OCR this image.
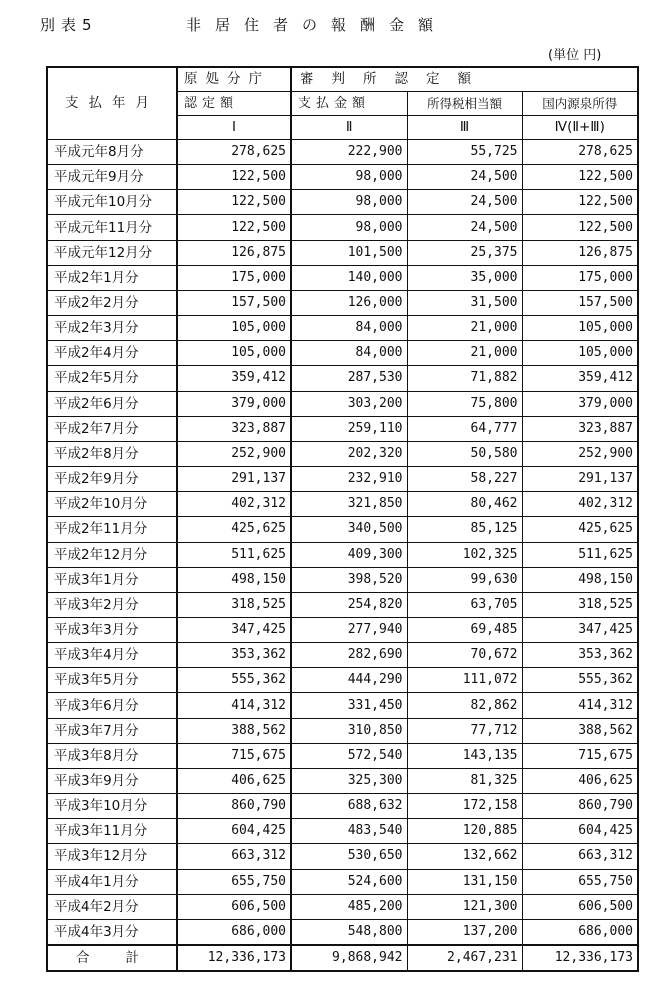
別表5	非居住者の報酬金額
(単位 円)
支払年月	原処分庁	審判所認定額		
	認定額	支払金額	所得税相当額	国内源泉所得
	Ⅰ	Ⅱ	Ⅲ	Ⅳ(Ⅱ+Ⅲ)
平成元年8月分	278,625	222,900	55,725	278,625
平成元年9月分	122,500	98,000	24,500	122,500
平成元年10月分	122,500	98,000	24,500	122,500
平成元年11月分	122,500	98,000	24,500	122,500
平成元年12月分	126,875	101,500	25,375	126,875
平成2年1月分	175,000	140,000	35,000	175,000
平成2年2月分	157,500	126,000	31,500	157,500
平成2年3月分	105,000	84,000	21,000	105,000
平成2年4月分	105,000	84,000	21,000	105,000
平成2年5月分	359,412	287,530	71,882	359,412
平成2年6月分	379,000	303,200	75,800	379,000
平成2年7月分	323,887	259,110	64,777	323,887
平成2年8月分	252,900	202,320	50,580	252,900
平成2年9月分	291,137	232,910	58,227	291,137
平成2年10月分	402,312	321,850	80,462	402,312
平成2年11月分	425,625	340,500	85,125	425,625
平成2年12月分	511,625	409,300	102,325	511,625
平成3年1月分	498,150	398,520	99,630	498,150
平成3年2月分	318,525	254,820	63,705	318,525
平成3年3月分	347,425	277,940	69,485	347,425
平成3年4月分	353,362	282,690	70,672	353,362
平成3年5月分	555,362	444,290	111,072	555,362
平成3年6月分	414,312	331,450	82,862	414,312
平成3年7月分	388,562	310,850	77,712	388,562
平成3年8月分	715,675	572,540	143,135	715,675
平成3年9月分	406,625	325,300	81,325	406,625
平成3年10月分	860,790	688,632	172,158	860,790
平成3年11月分	604,425	483,540	120,885	604,425
平成3年12月分	663,312	530,650	132,662	663,312
平成4年1月分	655,750	524,600	131,150	655,750
平成4年2月分	606,500	485,200	121,300	606,500
平成4年3月分	686,000	548,800	137,200	686,000
合計	12,336,173	9,868,942	2,467,231	12,336,173
